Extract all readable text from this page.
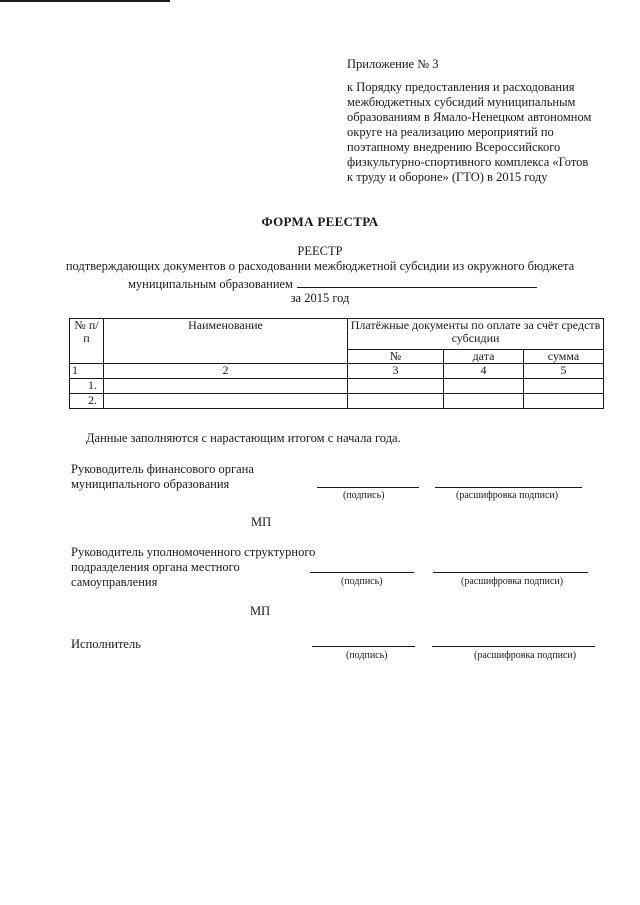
Приложение № 3
к Порядку предоставления и расходования
межбюджетных субсидий муниципальным
образованиям в Ямало-Ненецком автономном
округе на реализацию мероприятий по
поэтапному внедрению Всероссийского
физкультурно-спортивного комплекса «Готов
к труду и обороне» (ГТО) в 2015 году
ФОРМА РЕЕСТРА
РЕЕСТР
подтверждающих документов о расходовании межбюджетной субсидии из окружного бюджета
муниципальным образованием
за 2015 год
№ п/п	Наименование	Платёжные документы по оплате за счёт средств субсидии		
		№	дата	сумма
1	2	3	4	5
1.				
2.				
Данные заполняются с нарастающим итогом с начала года.
Руководитель финансового органа
муниципального образования
(подпись)	(расшифровка подписи)
МП
Руководитель уполномоченного структурного
подразделения органа местного
самоуправления	(подпись)	(расшифровка подписи)
МП
Исполнитель
(подпись)	(расшифровка подписи)
